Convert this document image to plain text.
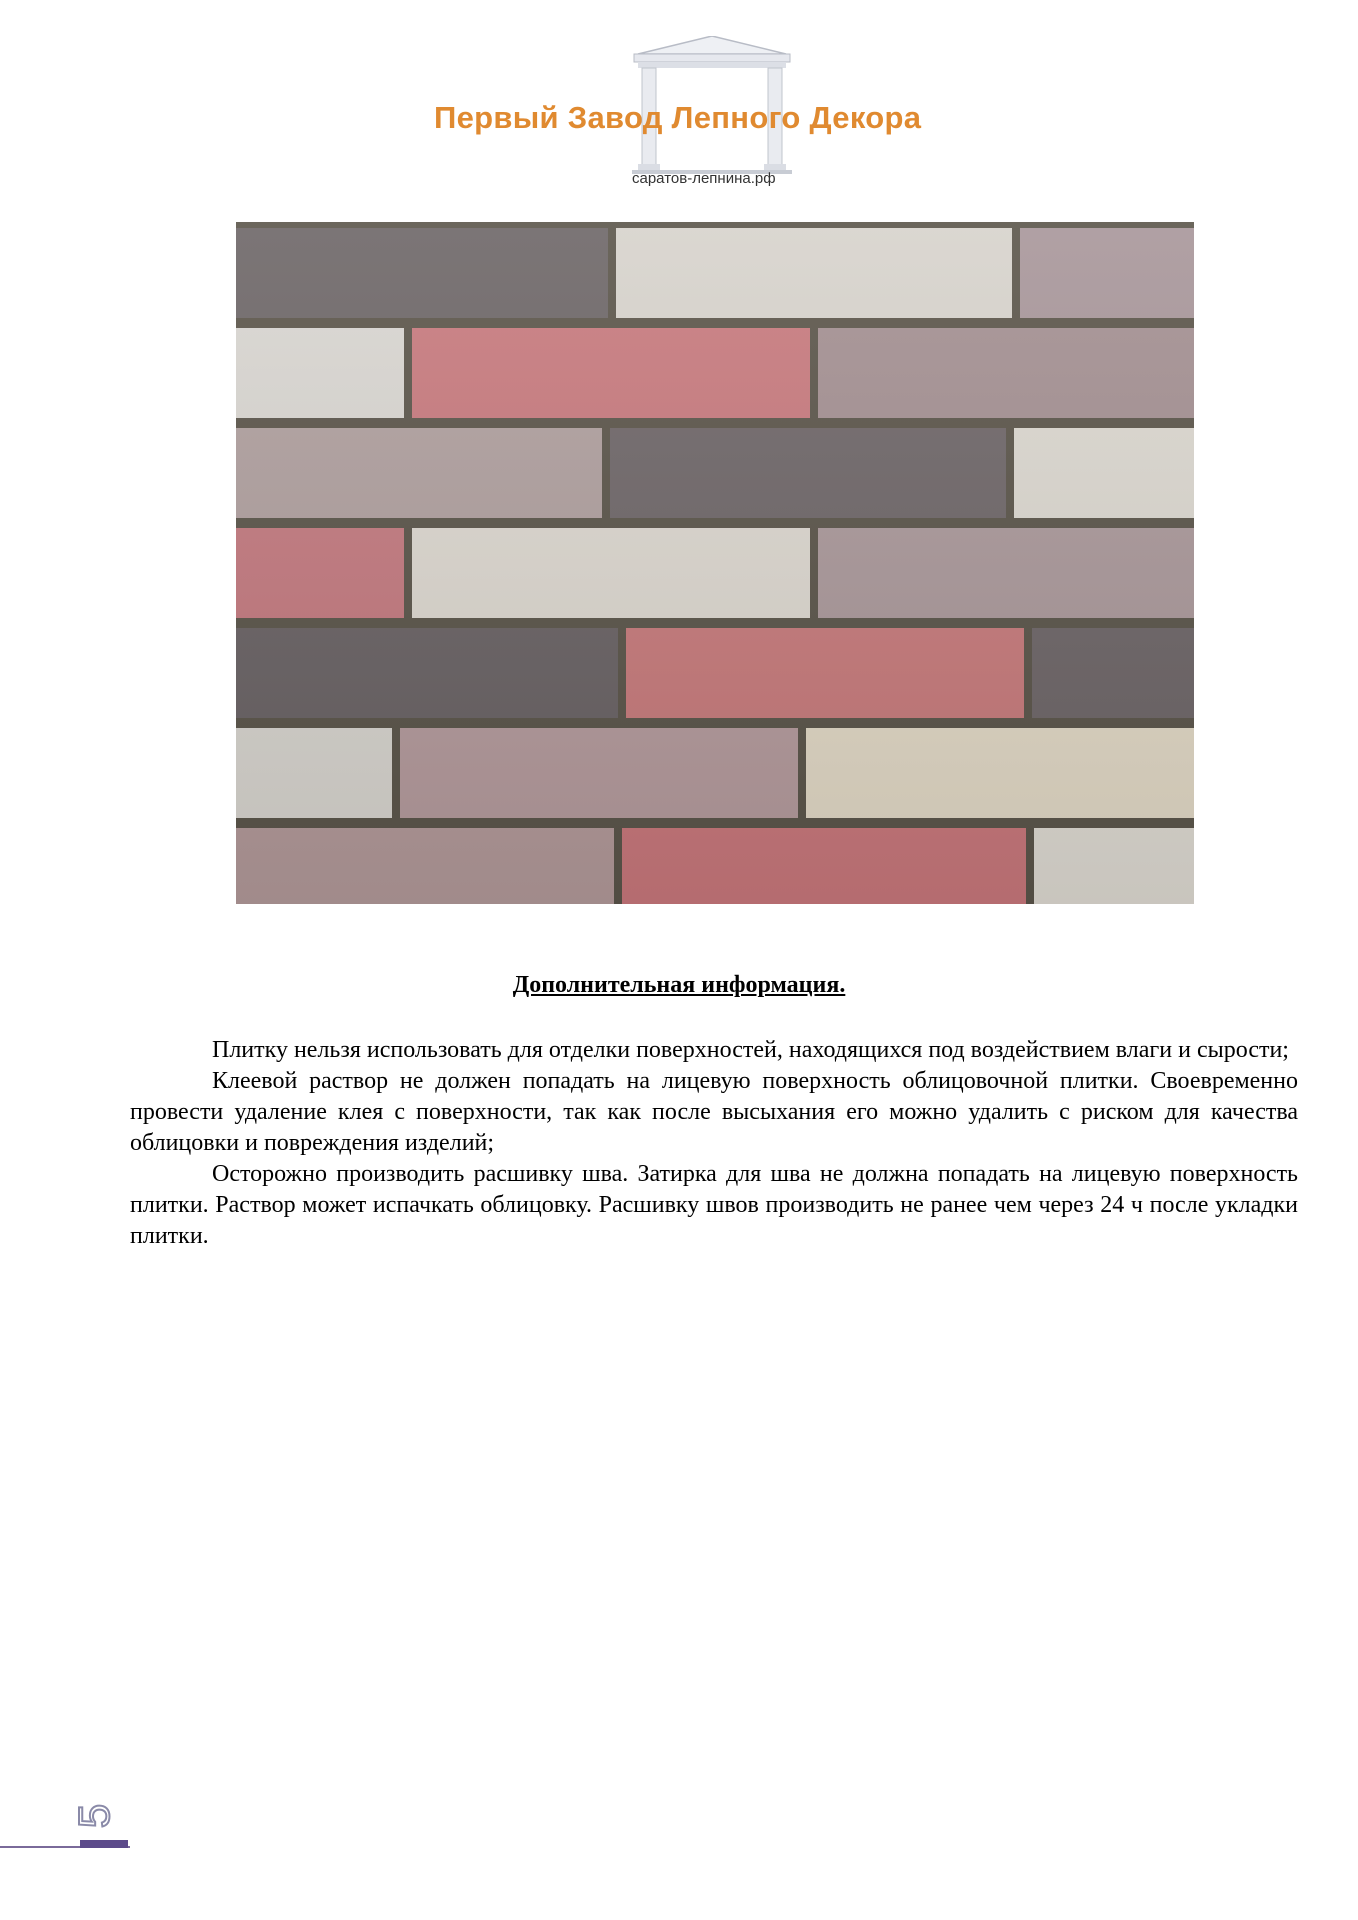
Первый Завод Лепного Декора
саратов-лепнина.рф
Дополнительная информация.

Плитку нельзя использовать для отделки поверхностей, находящихся под воздействием влаги и сырости;

Клеевой раствор не должен попадать на лицевую поверхность облицовочной плитки. Своевременно провести удаление клея с поверхности, так как после высыхания его можно удалить с риском для качества облицовки и повреждения изделий;

Осторожно производить расшивку шва. Затирка для шва не должна попадать на лицевую поверхность плитки. Раствор может испачкать облицовку. Расшивку швов производить не ранее чем через 24 ч после укладки плитки.

5
